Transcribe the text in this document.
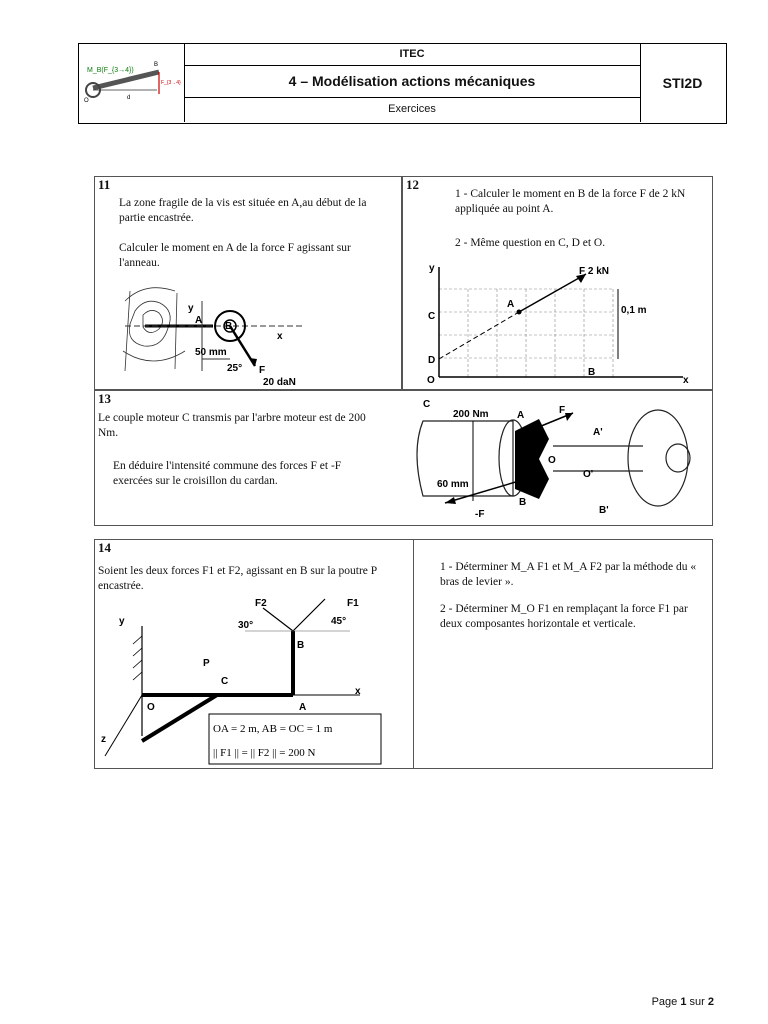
M_B(F_{3→4})
F_{3→4}
B
O	d
ITEC
4 – Modélisation actions mécaniques
Exercices
STI2D
11
La zone fragile de la vis est située en A,au début de la partie encastrée.
Calculer le moment en A de la force F agissant sur l'anneau.
y
x
A
B
50 mm
25° F
20 daN
12
1 - Calculer le moment en B de la force F de 2 kN appliquée au point A.
2 - Même question en C, D et O.
y
x
F 2 kN
A
B
C
D
O
0,1 m
13
Le couple moteur C transmis par l'arbre moteur est de 200 Nm.
En déduire l'intensité commune des forces F et -F exercées sur le croisillon du cardan.
C
200 Nm	A	F
A'
O
O'
60 mm
-F
B
B'
14
Soient les deux forces F1 et F2, agissant en B sur la poutre P encastrée.
1 - Déterminer M_A F1 et M_A F2 par la méthode du « bras de levier ».
2 - Déterminer M_O F1 en remplaçant la force F1 par deux composantes horizontale et verticale.
y
x
z
P
C
B
A
O
F1
F2
30°	45°
OA = 2 m, AB = OC = 1 m
|| F1 || = || F2 || = 200 N
Page 1 sur 2
